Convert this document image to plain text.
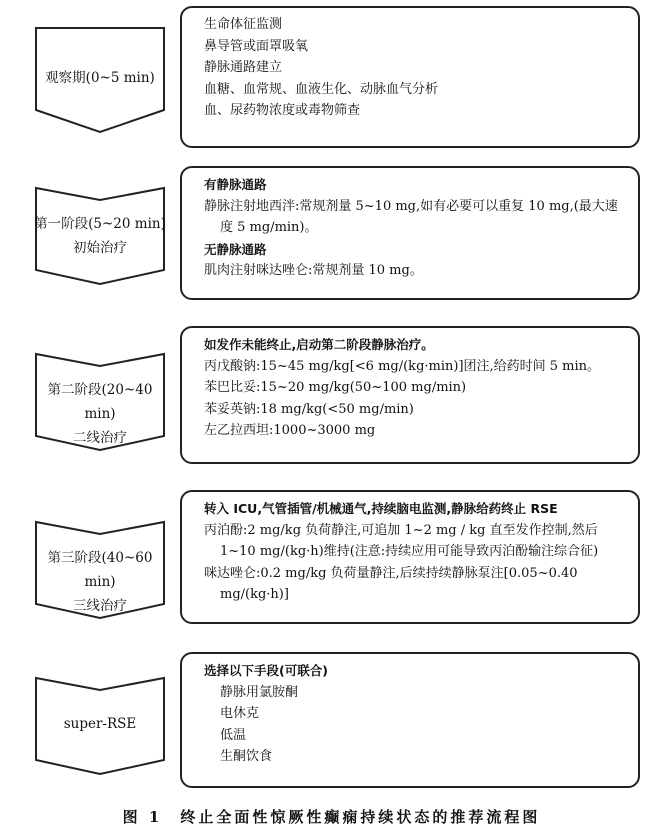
观察期(0~5 min)
生命体征监测
鼻导管或面罩吸氧
静脉通路建立
血糖、血常规、血液生化、动脉血气分析
血、尿药物浓度或毒物筛查
第一阶段(5~20 min)
初始治疗
有静脉通路
静脉注射地西泮:常规剂量 5~10 mg,如有必要可以重复 10 mg,(最大速度 5 mg/min)。
无静脉通路
肌肉注射咪达唑仑:常规剂量 10 mg。
第二阶段(20~40 min)
二线治疗
如发作未能终止,启动第二阶段静脉治疗。
丙戊酸钠:15~45 mg/kg[<6 mg/(kg·min)]团注,给药时间 5 min。
苯巴比妥:15~20 mg/kg(50~100 mg/min)
苯妥英钠:18 mg/kg(<50 mg/min)
左乙拉西坦:1000~3000 mg
第三阶段(40~60 min)
三线治疗
转入 ICU,气管插管/机械通气,持续脑电监测,静脉给药终止 RSE
丙泊酚:2 mg/kg 负荷静注,可追加 1~2 mg / kg 直至发作控制,然后 1~10 mg/(kg·h)维持(注意:持续应用可能导致丙泊酚输注综合征)
咪达唑仑:0.2 mg/kg 负荷量静注,后续持续静脉泵注[0.05~0.40 mg/(kg·h)]
super-RSE
选择以下手段(可联合)
静脉用氯胺酮
电休克
低温
生酮饮食
图 1 终止全面性惊厥性癫痫持续状态的推荐流程图
